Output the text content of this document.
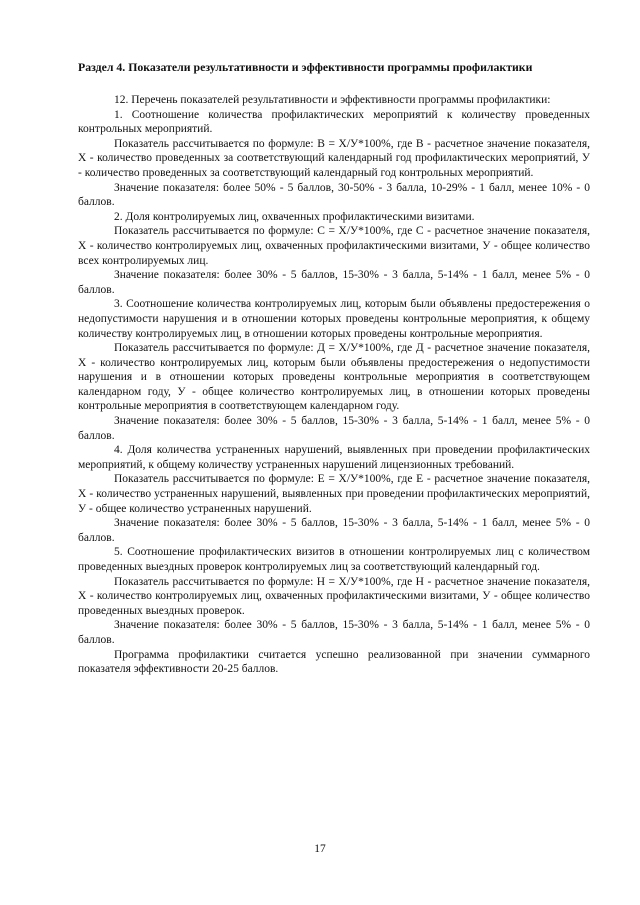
Раздел 4. Показатели результативности и эффективности программы профилактики

12. Перечень показателей результативности и эффективности программы профилактики:

1. Соотношение количества профилактических мероприятий к количеству проведенных контрольных мероприятий.

Показатель рассчитывается по формуле: В = Х/У*100%, где В - расчетное значение показателя, Х - количество проведенных за соответствующий календарный год профилактических мероприятий, У - количество проведенных за соответствующий календарный год контрольных мероприятий.

Значение показателя: более 50% - 5 баллов, 30-50% - 3 балла, 10-29% - 1 балл, менее 10% - 0 баллов.

2. Доля контролируемых лиц, охваченных профилактическими визитами.

Показатель рассчитывается по формуле: С = Х/У*100%, где С - расчетное значение показателя, Х - количество контролируемых лиц, охваченных профилактическими визитами, У - общее количество всех контролируемых лиц.

Значение показателя: более 30% - 5 баллов, 15-30% - 3 балла, 5-14% - 1 балл, менее 5% - 0 баллов.

3. Соотношение количества контролируемых лиц, которым были объявлены предостережения о недопустимости нарушения и в отношении которых проведены контрольные мероприятия, к общему количеству контролируемых лиц, в отношении которых проведены контрольные мероприятия.

Показатель рассчитывается по формуле: Д = Х/У*100%, где Д - расчетное значение показателя, Х - количество контролируемых лиц, которым были объявлены предостережения о недопустимости нарушения и в отношении которых проведены контрольные мероприятия в соответствующем календарном году, У - общее количество контролируемых лиц, в отношении которых проведены контрольные мероприятия в соответствующем календарном году.

Значение показателя: более 30% - 5 баллов, 15-30% - 3 балла, 5-14% - 1 балл, менее 5% - 0 баллов.

4. Доля количества устраненных нарушений, выявленных при проведении профилактических мероприятий, к общему количеству устраненных нарушений лицензионных требований.

Показатель рассчитывается по формуле: Е = Х/У*100%, где Е - расчетное значение показателя, Х - количество устраненных нарушений, выявленных при проведении профилактических мероприятий, У - общее количество устраненных нарушений.

Значение показателя: более 30% - 5 баллов, 15-30% - 3 балла, 5-14% - 1 балл, менее 5% - 0 баллов.

5. Соотношение профилактических визитов в отношении контролируемых лиц с количеством проведенных выездных проверок контролируемых лиц за соответствующий календарный год.

Показатель рассчитывается по формуле: Н = Х/У*100%, где Н - расчетное значение показателя, Х - количество контролируемых лиц, охваченных профилактическими визитами, У - общее количество проведенных выездных проверок.

Значение показателя: более 30% - 5 баллов, 15-30% - 3 балла, 5-14% - 1 балл, менее 5% - 0 баллов.

Программа профилактики считается успешно реализованной при значении суммарного показателя эффективности 20-25 баллов.

17
